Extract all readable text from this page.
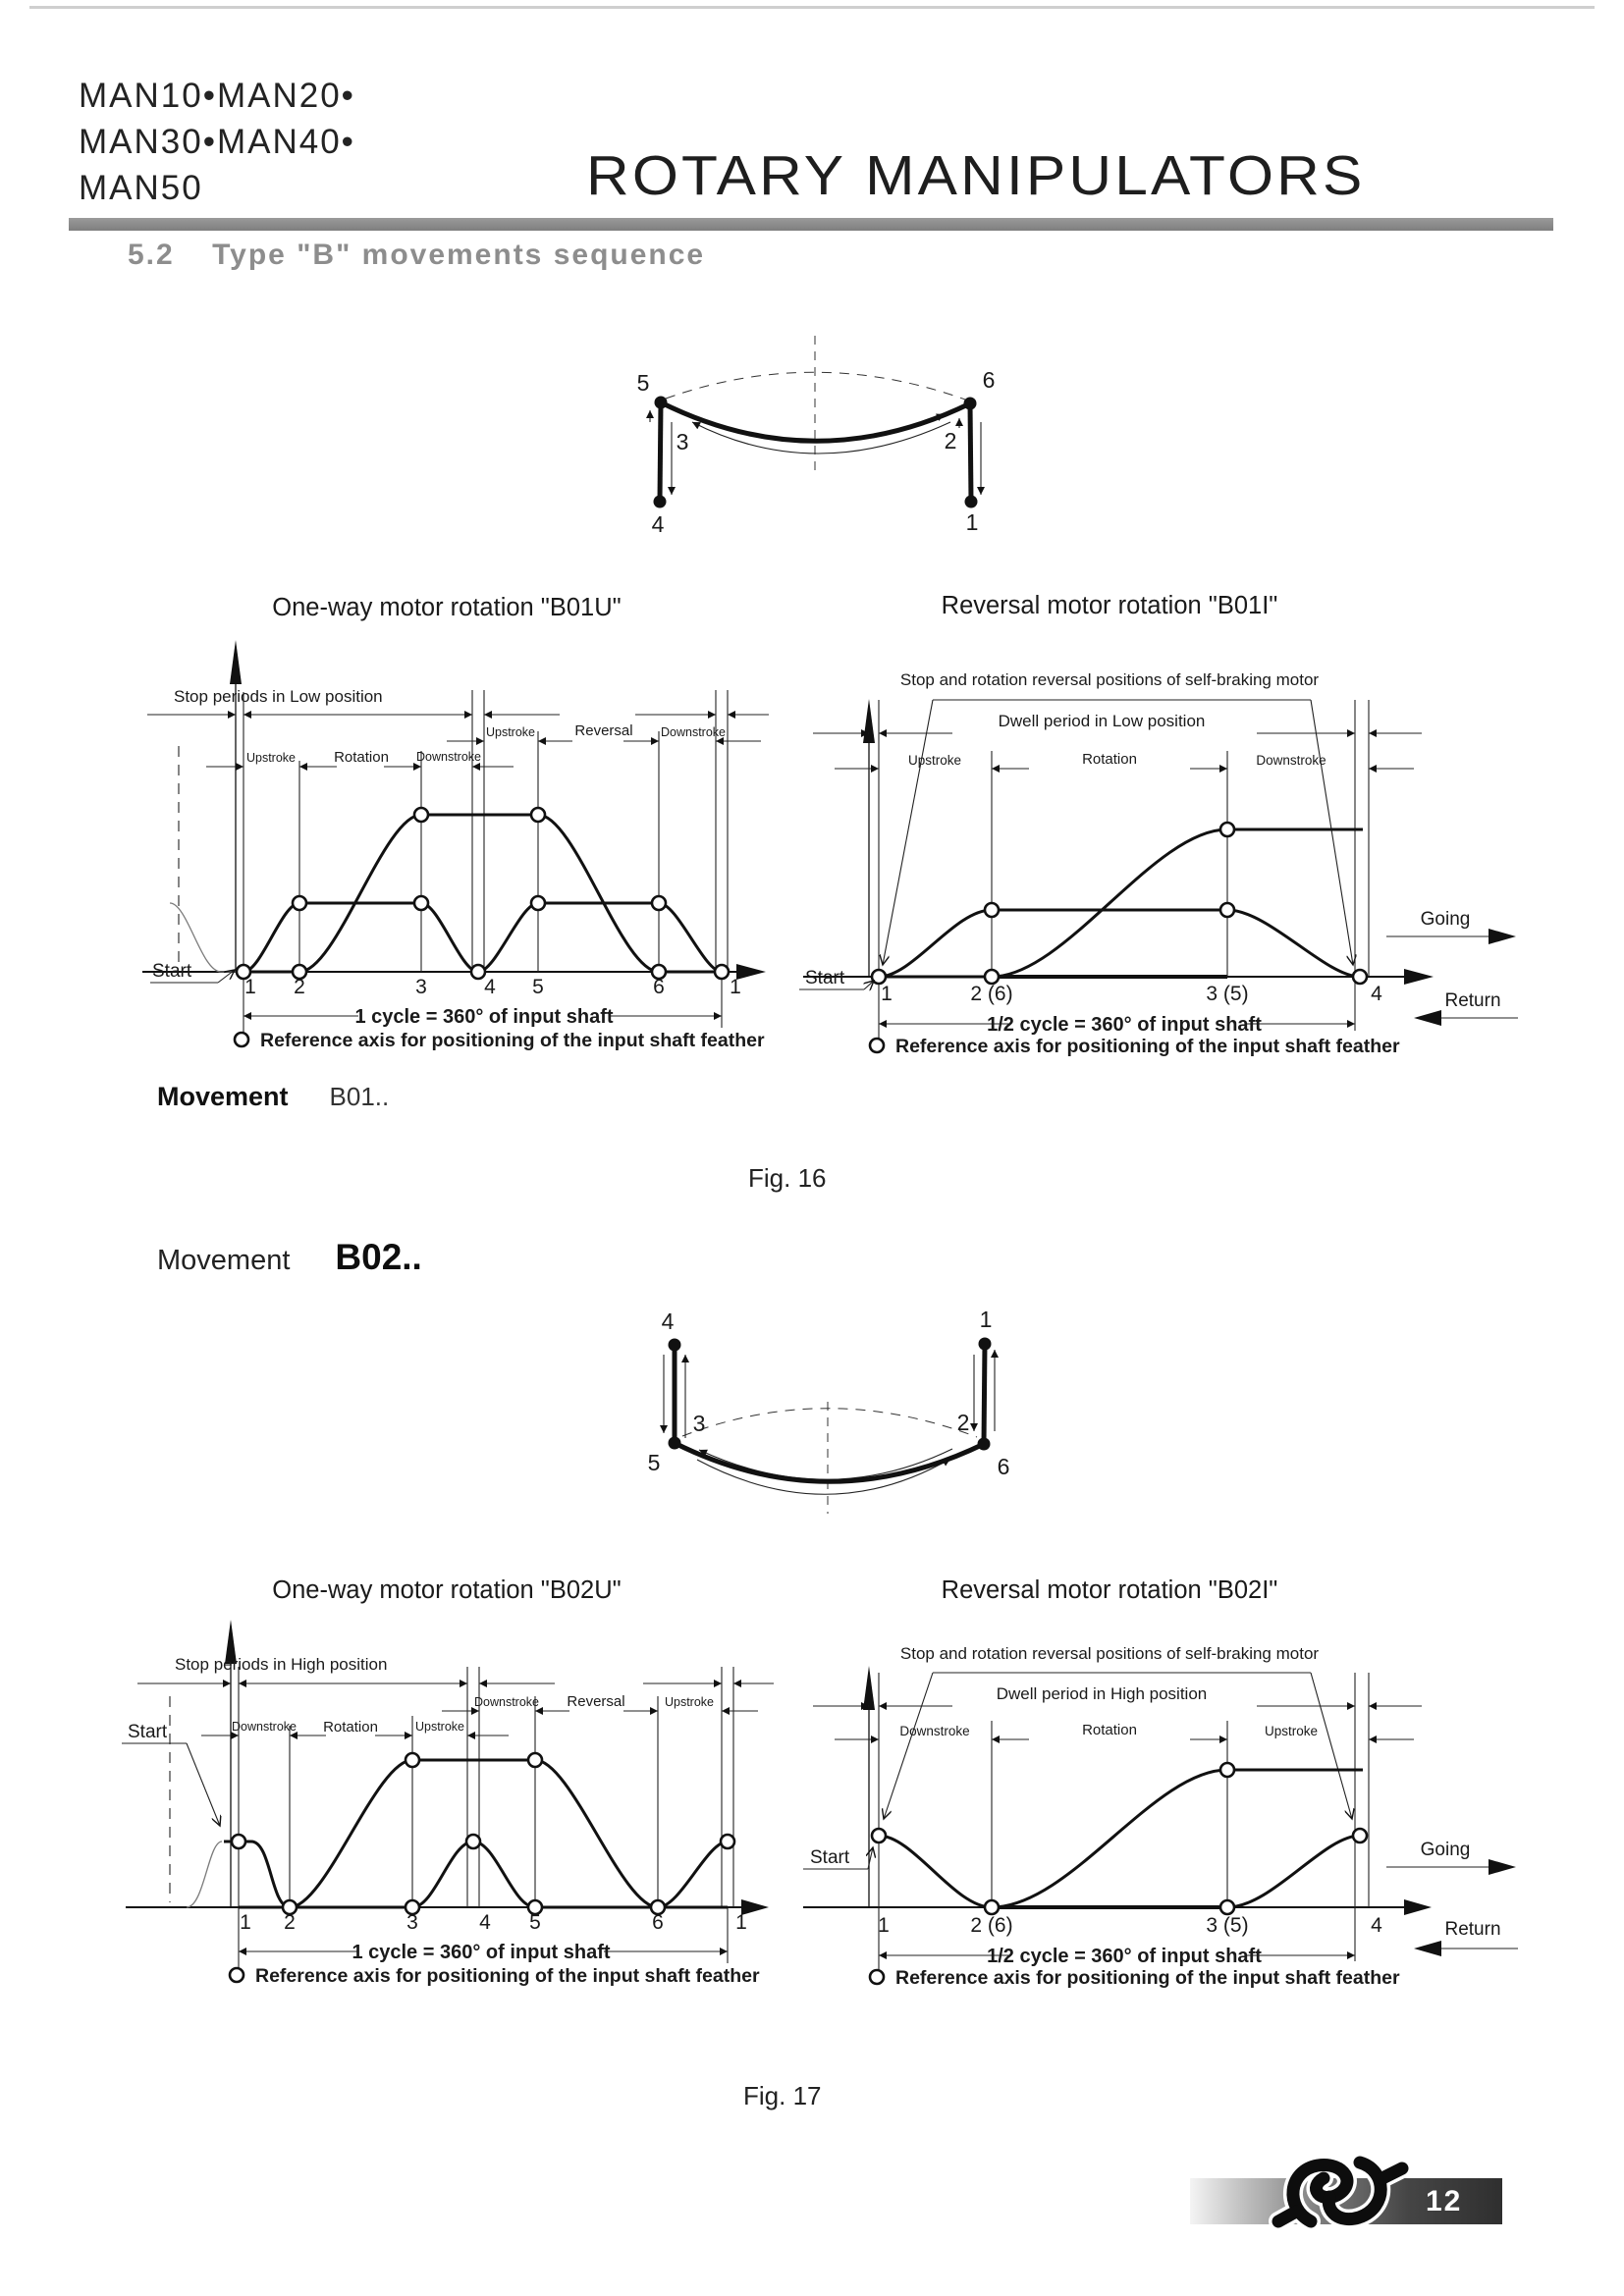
MAN10•MAN20•
MAN30•MAN40•
MAN50	ROTARY MANIPULATORS
5.2 Type "B" movements sequence
5	6
3	2
4	1
One-way motor rotation "B01U"
Stop periods in Low position
Upstroke	Reversal Downstroke
Upstroke	Rotation Downstroke
Start
1 2	3	4 5	6	1
1 cycle = 360° of input shaft
Reference axis for positioning of the input shaft feather
Reversal motor rotation "B01I"
Stop and rotation reversal positions of self-braking motor
Dwell period in Low position
Upstroke	Rotation	Downstroke
Start
1	2 (6)	3 (5)	4
1/2 cycle = 360° of input shaft
Reference axis for positioning of the input shaft feather
Going
Return
Movement B01..
Fig. 16
Movement B02..
4	1
3	2
5	6
One-way motor rotation "B02U"
Stop periods in High position
Downstroke Reversal	Upstroke
Downstroke Rotation	Upstroke
Start
1 2	3	4 5	6	1
1 cycle = 360° of input shaft
Reference axis for positioning of the input shaft feather
Reversal motor rotation "B02I"
Stop and rotation reversal positions of self-braking motor
Dwell period in High position
Downstroke	Rotation	Upstroke
Start
1	2 (6)	3 (5)	4
1/2 cycle = 360° of input shaft
Reference axis for positioning of the input shaft feather
Going
Return
Fig. 17
12
